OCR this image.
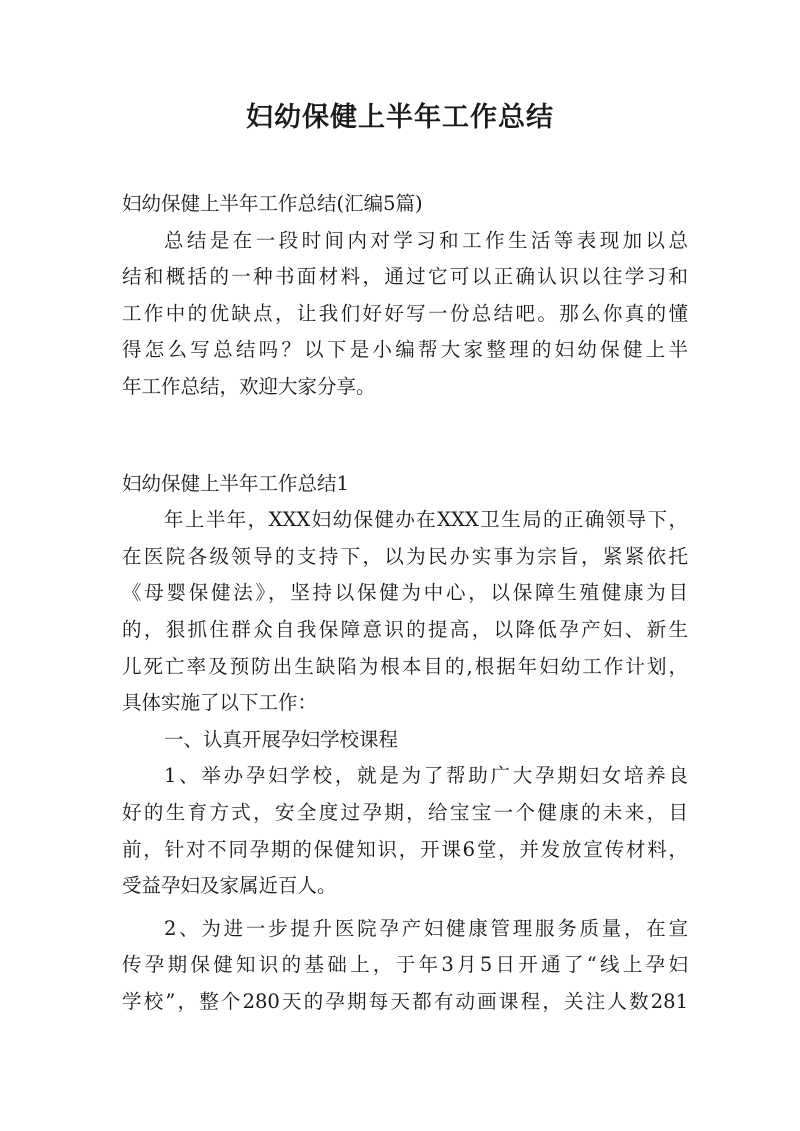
妇幼保健上半年工作总结
妇幼保健上半年工作总结(汇编5篇)
总结是在一段时间内对学习和工作生活等表现加以总
结和概括的一种书面材料，通过它可以正确认识以往学习和
工作中的优缺点，让我们好好写一份总结吧。那么你真的懂
得怎么写总结吗？以下是小编帮大家整理的妇幼保健上半
年工作总结，欢迎大家分享。
妇幼保健上半年工作总结1
年上半年，XXX妇幼保健办在XXX卫生局的正确领导下，
在医院各级领导的支持下，以为民办实事为宗旨，紧紧依托
《母婴保健法》，坚持以保健为中心，以保障生殖健康为目
的，狠抓住群众自我保障意识的提高，以降低孕产妇、新生
儿死亡率及预防出生缺陷为根本目的,根据年妇幼工作计划，
具体实施了以下工作：
一、认真开展孕妇学校课程
1、举办孕妇学校，就是为了帮助广大孕期妇女培养良
好的生育方式，安全度过孕期，给宝宝一个健康的未来，目
前，针对不同孕期的保健知识，开课6堂，并发放宣传材料，
受益孕妇及家属近百人。
2、为进一步提升医院孕产妇健康管理服务质量，在宣
传孕期保健知识的基础上，于年3月5日开通了“线上孕妇
学校”，整个280天的孕期每天都有动画课程，关注人数281
